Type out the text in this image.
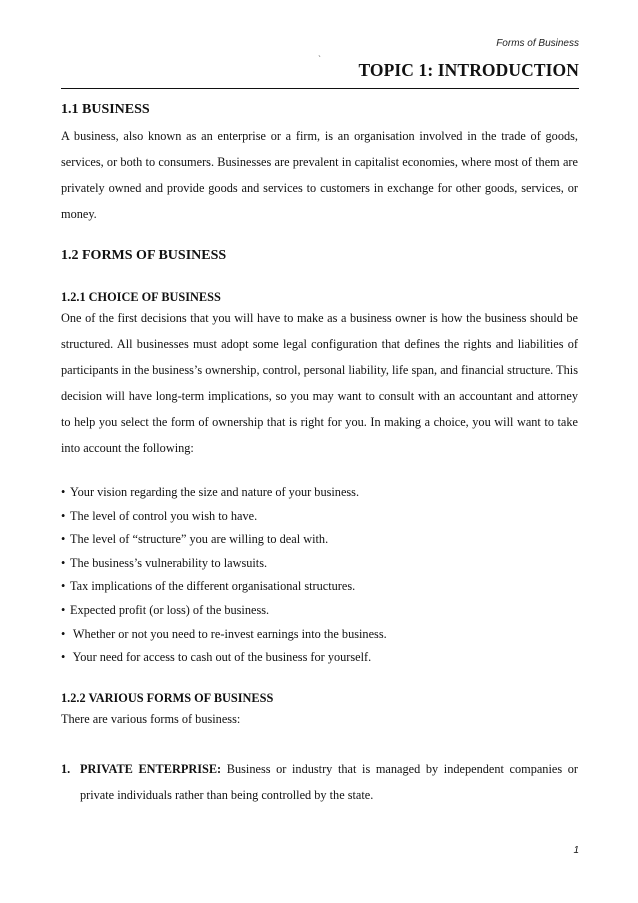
Forms of Business
`
TOPIC 1: INTRODUCTION
1.1 BUSINESS

A business, also known as an enterprise or a firm, is an organisation involved in the trade of goods, services, or both to consumers. Businesses are prevalent in capitalist economies, where most of them are privately owned and provide goods and services to customers in exchange for other goods, services, or money.

1.2 FORMS OF BUSINESS
1.2.1 CHOICE OF BUSINESS

One of the first decisions that you will have to make as a business owner is how the business should be structured. All businesses must adopt some legal configuration that defines the rights and liabilities of participants in the business’s ownership, control, personal liability, life span, and financial structure. This decision will have long-term implications, so you may want to consult with an accountant and attorney to help you select the form of ownership that is right for you. In making a choice, you will want to take into account the following:

• Your vision regarding the size and nature of your business.
• The level of control you wish to have.
• The level of “structure” you are willing to deal with.
• The business’s vulnerability to lawsuits.
• Tax implications of the different organisational structures.
• Expected profit (or loss) of the business.
• Whether or not you need to re-invest earnings into the business.
• Your need for access to cash out of the business for yourself.
1.2.2 VARIOUS FORMS OF BUSINESS

There are various forms of business:

1. PRIVATE ENTERPRISE: Business or industry that is managed by independent companies or private individuals rather than being controlled by the state.
1
